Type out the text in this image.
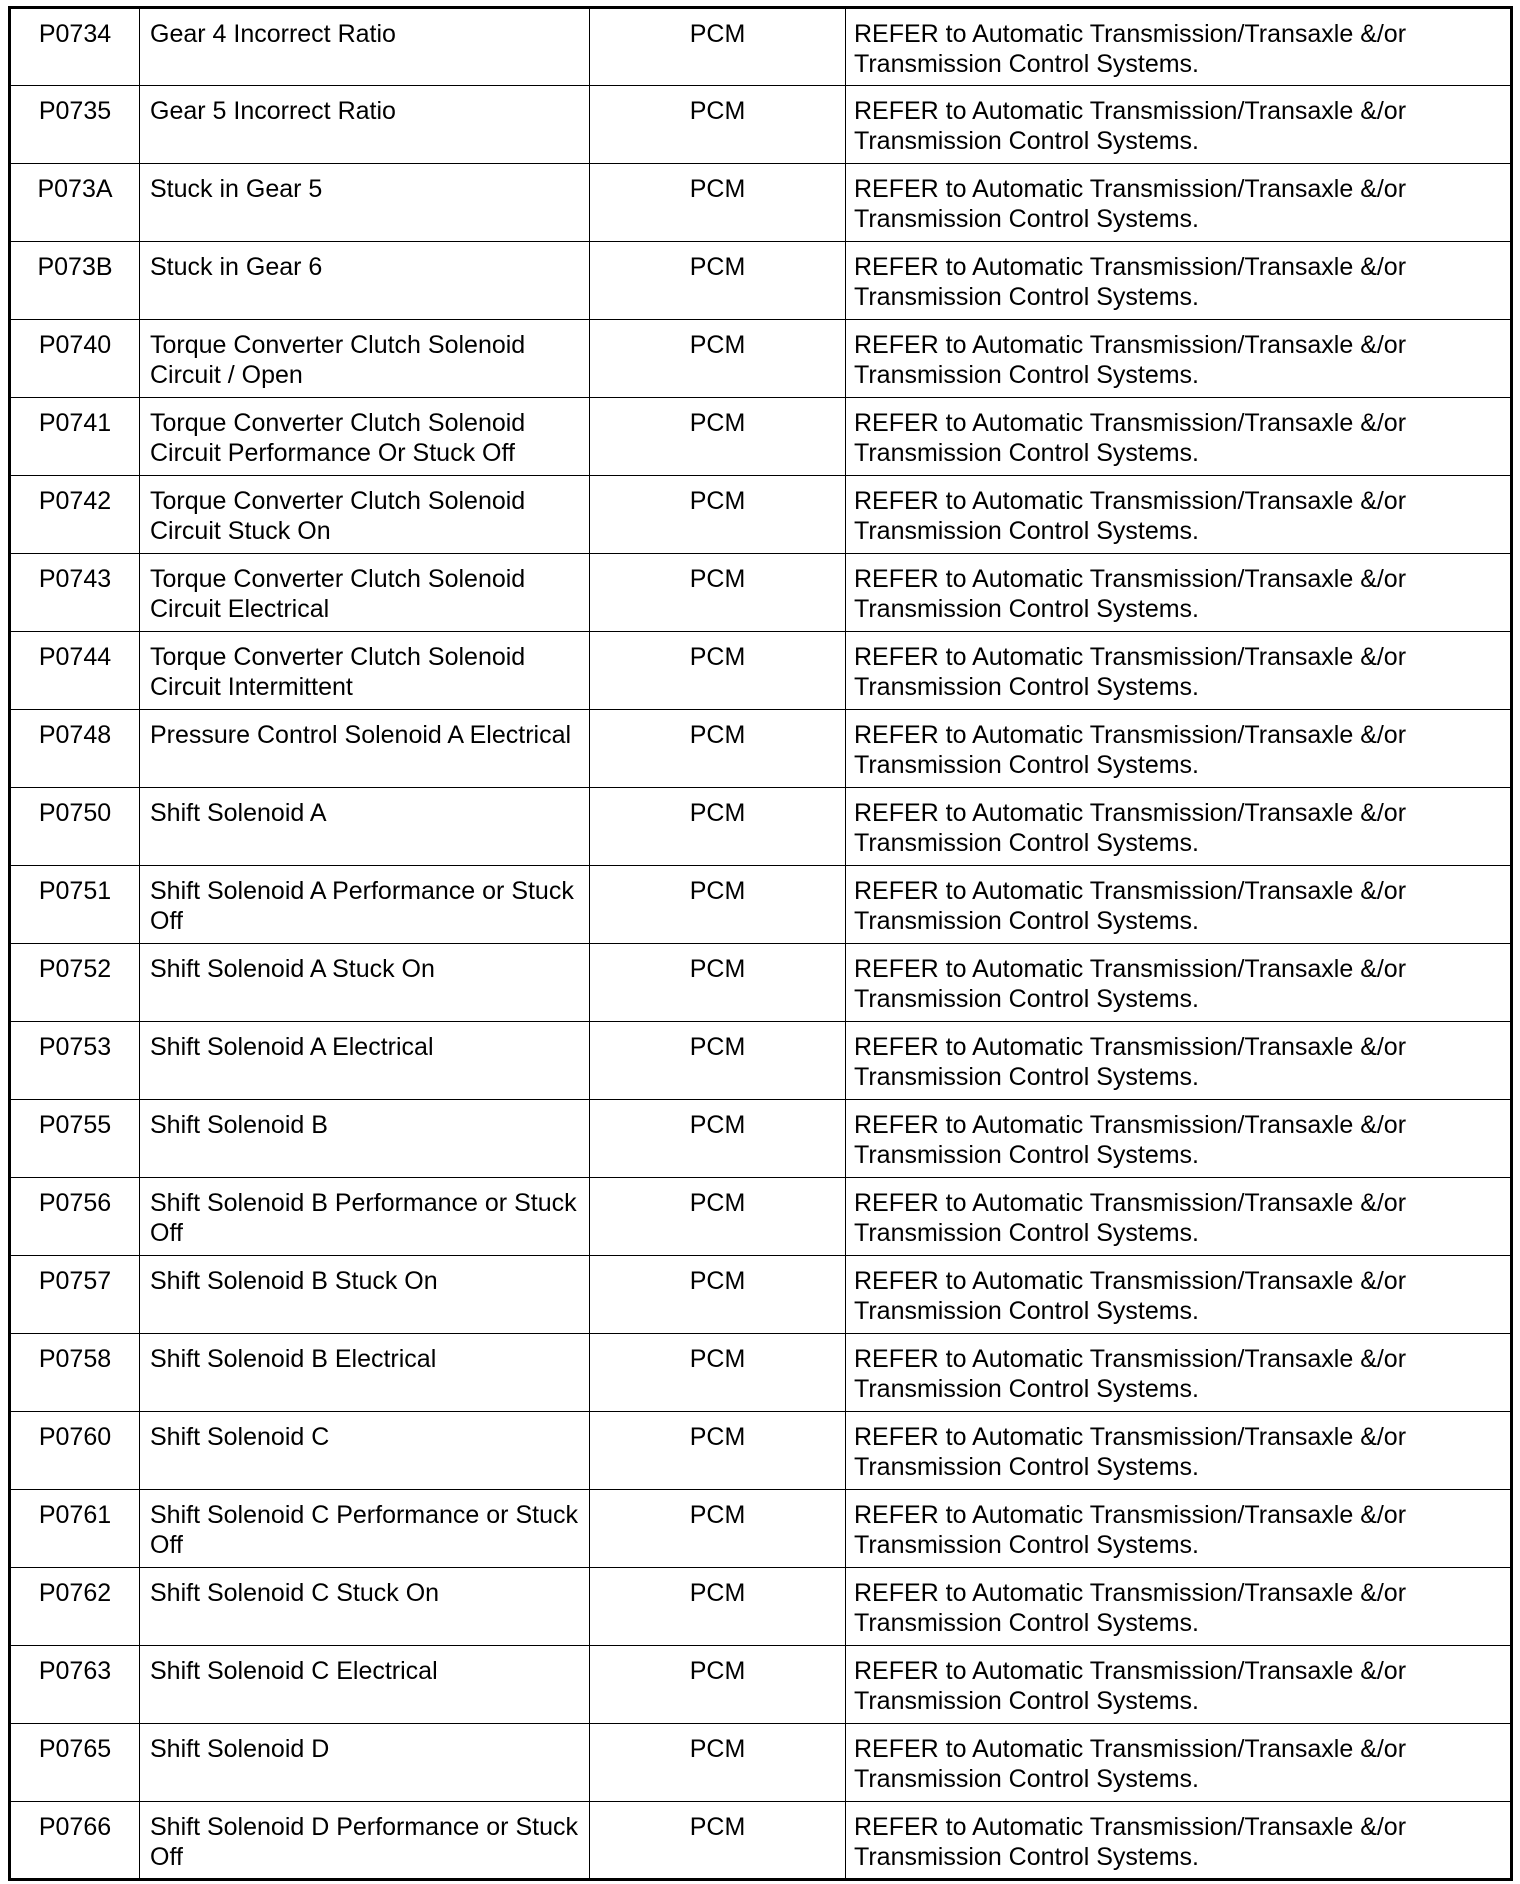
P0734	Gear 4 Incorrect Ratio	PCM	REFER to Automatic Transmission/Transaxle &/or Transmission Control Systems.
P0735	Gear 5 Incorrect Ratio	PCM	REFER to Automatic Transmission/Transaxle &/or Transmission Control Systems.
P073A	Stuck in Gear 5	PCM	REFER to Automatic Transmission/Transaxle &/or Transmission Control Systems.
P073B	Stuck in Gear 6	PCM	REFER to Automatic Transmission/Transaxle &/or Transmission Control Systems.
P0740	Torque Converter Clutch Solenoid Circuit / Open	PCM	REFER to Automatic Transmission/Transaxle &/or Transmission Control Systems.
P0741	Torque Converter Clutch Solenoid Circuit Performance Or Stuck Off	PCM	REFER to Automatic Transmission/Transaxle &/or Transmission Control Systems.
P0742	Torque Converter Clutch Solenoid Circuit Stuck On	PCM	REFER to Automatic Transmission/Transaxle &/or Transmission Control Systems.
P0743	Torque Converter Clutch Solenoid Circuit Electrical	PCM	REFER to Automatic Transmission/Transaxle &/or Transmission Control Systems.
P0744	Torque Converter Clutch Solenoid Circuit Intermittent	PCM	REFER to Automatic Transmission/Transaxle &/or Transmission Control Systems.
P0748	Pressure Control Solenoid A Electrical	PCM	REFER to Automatic Transmission/Transaxle &/or Transmission Control Systems.
P0750	Shift Solenoid A	PCM	REFER to Automatic Transmission/Transaxle &/or Transmission Control Systems.
P0751	Shift Solenoid A Performance or Stuck Off	PCM	REFER to Automatic Transmission/Transaxle &/or Transmission Control Systems.
P0752	Shift Solenoid A Stuck On	PCM	REFER to Automatic Transmission/Transaxle &/or Transmission Control Systems.
P0753	Shift Solenoid A Electrical	PCM	REFER to Automatic Transmission/Transaxle &/or Transmission Control Systems.
P0755	Shift Solenoid B	PCM	REFER to Automatic Transmission/Transaxle &/or Transmission Control Systems.
P0756	Shift Solenoid B Performance or Stuck Off	PCM	REFER to Automatic Transmission/Transaxle &/or Transmission Control Systems.
P0757	Shift Solenoid B Stuck On	PCM	REFER to Automatic Transmission/Transaxle &/or Transmission Control Systems.
P0758	Shift Solenoid B Electrical	PCM	REFER to Automatic Transmission/Transaxle &/or Transmission Control Systems.
P0760	Shift Solenoid C	PCM	REFER to Automatic Transmission/Transaxle &/or Transmission Control Systems.
P0761	Shift Solenoid C Performance or Stuck Off	PCM	REFER to Automatic Transmission/Transaxle &/or Transmission Control Systems.
P0762	Shift Solenoid C Stuck On	PCM	REFER to Automatic Transmission/Transaxle &/or Transmission Control Systems.
P0763	Shift Solenoid C Electrical	PCM	REFER to Automatic Transmission/Transaxle &/or Transmission Control Systems.
P0765	Shift Solenoid D	PCM	REFER to Automatic Transmission/Transaxle &/or Transmission Control Systems.
P0766	Shift Solenoid D Performance or Stuck Off	PCM	REFER to Automatic Transmission/Transaxle &/or Transmission Control Systems.
